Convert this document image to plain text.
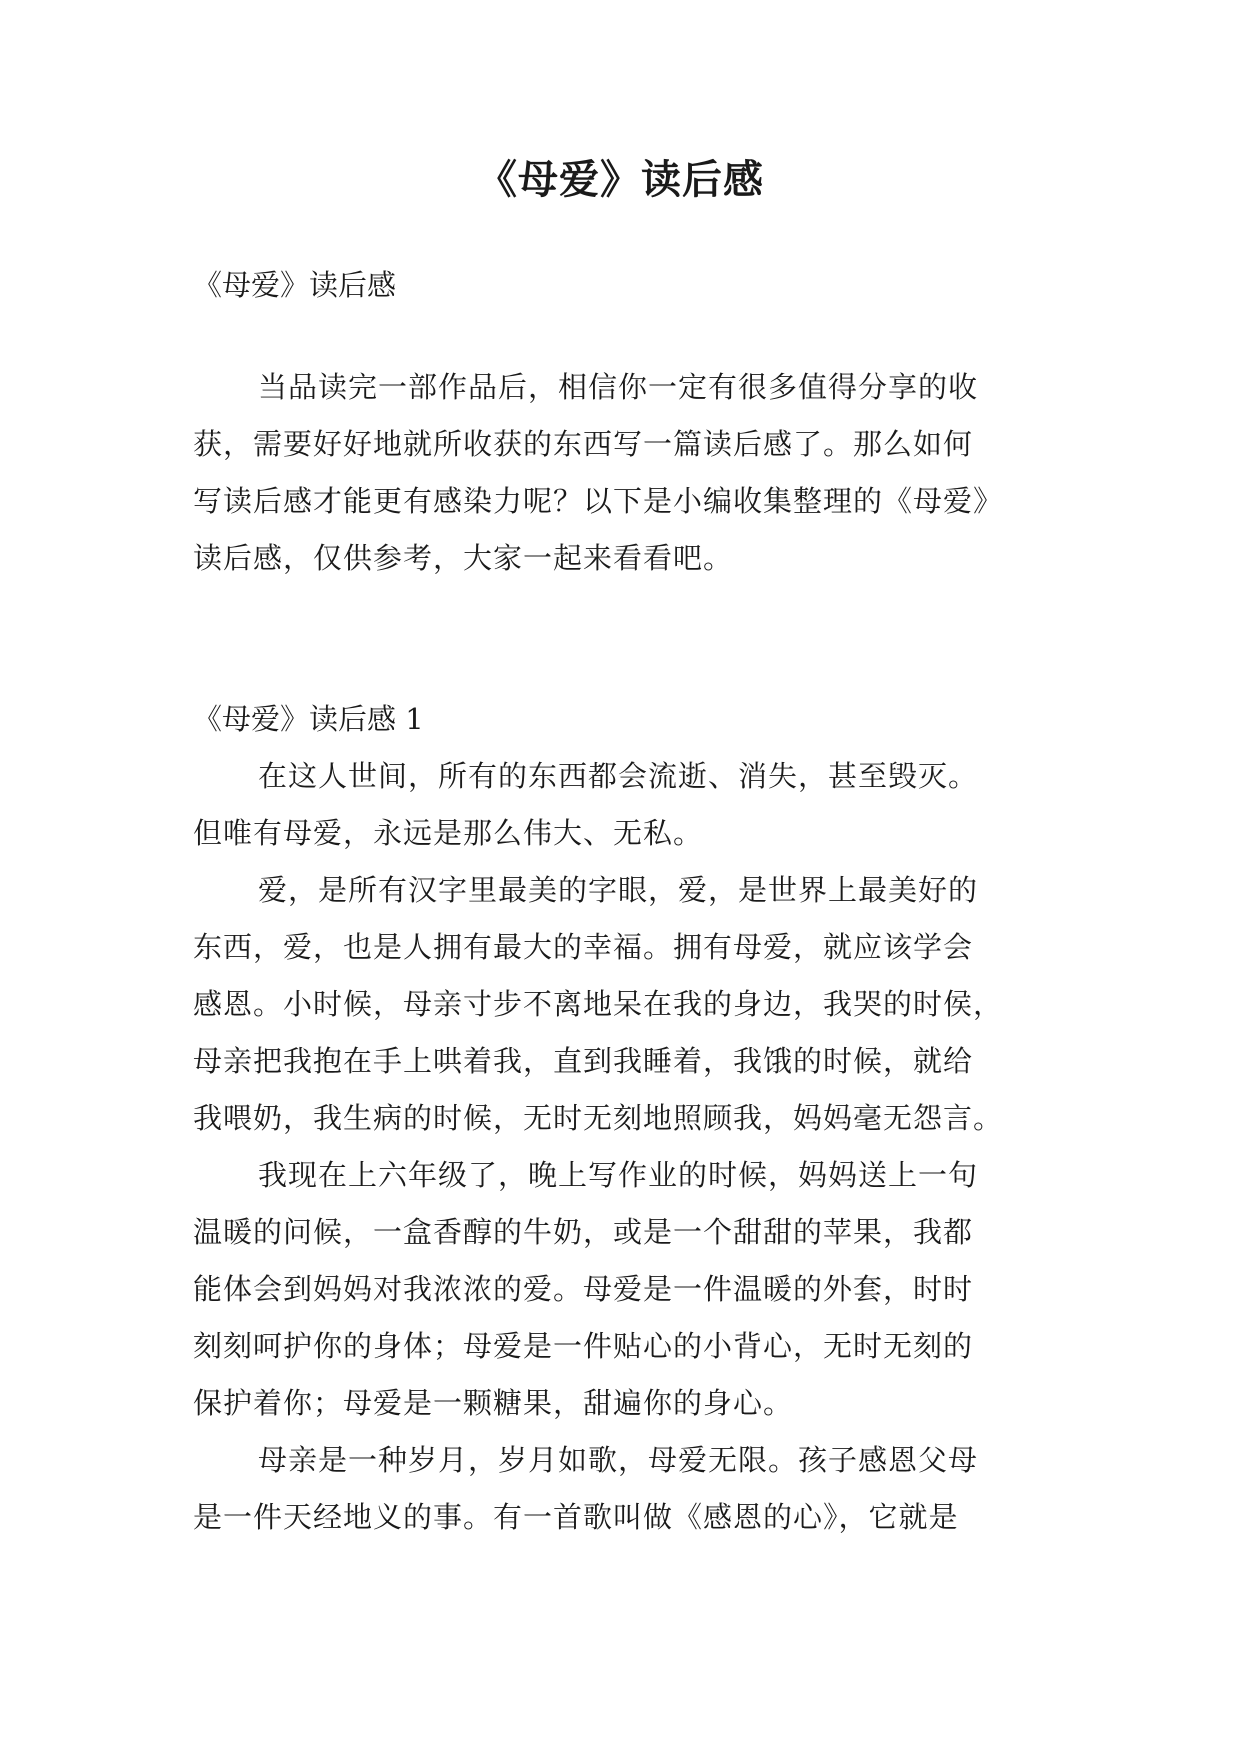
《母爱》读后感

《母爱》读后感

当品读完一部作品后，相信你一定有很多值得分享的收

获，需要好好地就所收获的东西写一篇读后感了。那么如何

写读后感才能更有感染力呢？以下是小编收集整理的《母爱》

读后感，仅供参考，大家一起来看看吧。

《母爱》读后感 1

在这人世间，所有的东西都会流逝、消失，甚至毁灭。

但唯有母爱，永远是那么伟大、无私。

爱，是所有汉字里最美的字眼，爱，是世界上最美好的

东西，爱，也是人拥有最大的幸福。拥有母爱，就应该学会

感恩。小时候，母亲寸步不离地呆在我的身边，我哭的时侯，

母亲把我抱在手上哄着我，直到我睡着，我饿的时候，就给

我喂奶，我生病的时候，无时无刻地照顾我，妈妈毫无怨言。

我现在上六年级了，晚上写作业的时候，妈妈送上一句

温暖的问候，一盒香醇的牛奶，或是一个甜甜的苹果，我都

能体会到妈妈对我浓浓的爱。母爱是一件温暖的外套，时时

刻刻呵护你的身体；母爱是一件贴心的小背心，无时无刻的

保护着你；母爱是一颗糖果，甜遍你的身心。

母亲是一种岁月，岁月如歌，母爱无限。孩子感恩父母

是一件天经地义的事。有一首歌叫做《感恩的心》，它就是
